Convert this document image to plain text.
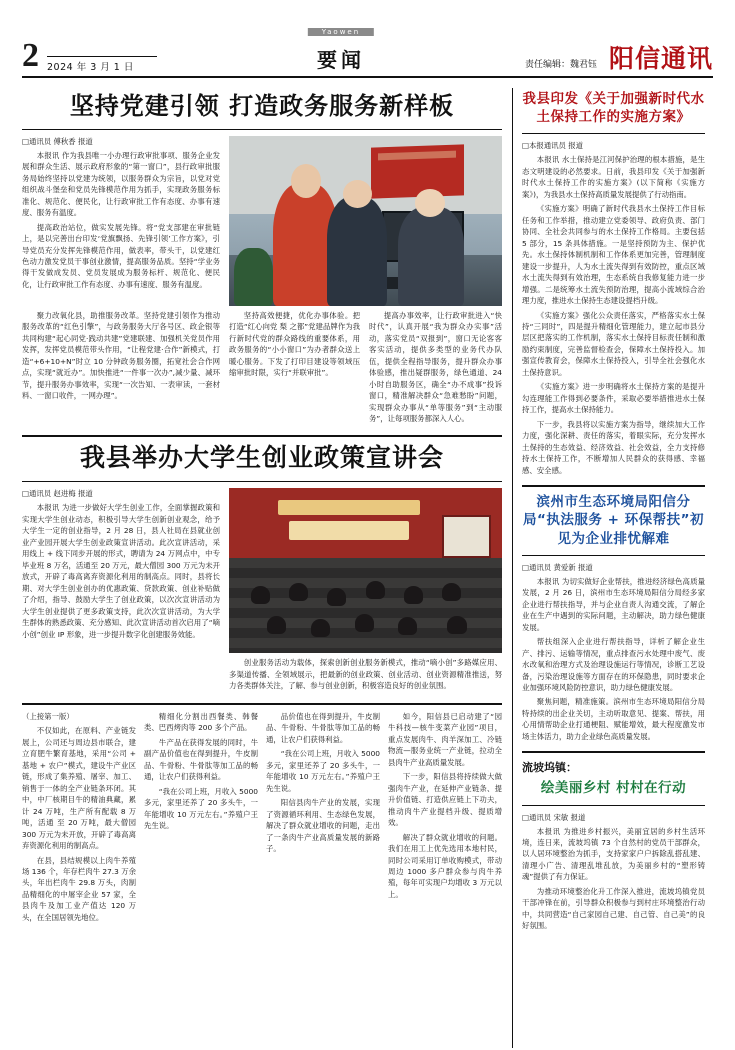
2 2024 年 3 月 1 日
Yaowen
要闻	责任编辑：魏君钰 阳信通讯
坚持党建引领 打造政务服务新样板

□通讯员 傅秋香 报道

本报讯 作为我县唯一小办理行政审批事项、服务企业发展和群众生活、展示政府形象的“第一窗口”，县行政审批服务局始终坚持以党建为统领，以服务群众为宗旨，以党对党组织战斗堡垒和党员先锋模范作用为抓手，实现政务服务标准化、规范化、便民化，让行政审批工作有态度、办事有速度、服务有温度。

提高政治站位，做实发展先锋。将“党支部建在审批链上，是以完善出台印发‘党旗飘扬、先锋引领’工作方案》，引导党员充分发挥先锋模范作用，做表率，带头干，以党建红色动力激发党员干事创业激情，提高服务品质。坚持“学业务得干发做成发员、党员发展成为服务标杆、规范化、便民化，让行政审批工作有态度、办事有速度、服务有温度。

聚力改氧化县，助推服务改革。坚持党建引领作为推动服务改革的“红色引擎”，与政务服务大厅各号区、政企银等共同构建“起心同党·践动共建”党建联建、加强机关党员作用发挥，发挥党员模范带头作用，“让程党建·合作”新模式，打造“+6+10+N”时立 10 分钟政务服务圈，拓宽社会合作网点，实现“就近办”。加快推进“一件事一次办”,减少量、减环节，提升服务办事效率，实现“一次告知、一表审读，一套材料、一窗口收件，一网办理”。

坚持高效便捷，优化办事体验。把打造“红心向党 梨 之都”党建品牌作为我行新时代党的群众路线的重要体系，用政务服务的“小小窗口”为办者群众送上暖心服务。下发了打印目建设等领域压缩审批时限，实行“并联审批”。

提高办事效率，让行政审批进入“快时代”，认真开展“我为群众办实事”活动，落实党员“双报到”，窗口无论客客客实活动，提供多类型的业务代办队伍，提供全程指导服务，提升群众办事体验感，推出疑群服务，绿色通道、24 小时自助服务区，确全“办不成事”投诉窗口，精准解决群众“急难愁盼”问题，实现群众办事从“单等服务”到“主动服务”，让每项服务都深入人心。

我县举办大学生创业政策宣讲会

□通讯员 赵进梅 报道

本报讯 为进一步做好大学生创业工作，全面掌握政策和实现大学生创业动态，积极引导大学生创新创业观念，给予大学生一定的创业指导，2 月 28 日，县人社局在县就业创业产业园开展大学生创业政策宣讲活动。此次宣讲活动，采用线上 + 线下同步开展的形式，聘请为 24 万网点中，中专毕业班 8 万名，活通至 20 万元，最大僧园 300 万元为未开放式，开辟了毒高离弃资源化利用的制高点。同时，县将长期、对大学生创业创办的优惠政策、贷款政策、创业补贴做了介绍，指导、鼓励大学生了创业政策，以次次宣讲活动为大学生创业提供了更多政策支持，此次次宣讲活动，为大学生群体的熟悉政策、充分感知、此次宣讲活动首次启用了“嘀小创”创业 IP 形象，进一步提升数字化创建服务效能。

创业服务活动为载体，探索创新创业服务新模式，推动“嘀小创”多路媒应用、多渠道传播、全领域展示，把最新的创业政策、创业活动、创业资源精准推送，努力各类群体关注，了解、参与创业创新，积极容造良好的创业氛围。

（上接第一版）

不仅如此，在原料、产业链发展上，公司还与周边县市联合，建立育肥牛繁育基地，采用“公司 + 基地 + 农户”模式，建设牛产业区链，形成了集养殖、屠宰、加工、销售于一体的全产业链条环闭。其中，中厂核期目牛的精油典藏，累计 24 万吨，生产所有配载 8 万吨，活通 至 20 万吨，最大僧园 300 万元为未开放，开辟了毒高离弃资源化利用的制高点。

在县，县结规模以上肉牛养殖场 136 个，年存栏肉牛 27.3 万余头，年出栏肉牛 29.8 万头，肉制品精细化的中屠宰企业 57 家，全县肉牛及加工业产值达 120 万头，在全国居领先地位。

精细化分割出西餐类、韩餐类、巴西烤肉等 200 多个产品。

牛产品在获得发展的同时，牛副产品价值也在得到提升，牛皮制品、牛骨粉、牛骨肽等加工品的畅通，让农户们获得利益。

“我在公司上班，月收入 5000 多元，家里还养了 20 多头牛，一年能增收 10 万元左右。”养殖户王先生说。

品价值也在得到提升，牛皮制品、牛骨粉、牛骨肽等加工品的畅通，让农户们获得利益。

“我在公司上班，月收入 5000 多元，家里还养了 20 多头牛，一年能增收 10 万元左右。”养殖户王先生说。

阳信县肉牛产业的发展，实现了资源循环利用、生态绿色发展，解决了群众就业增收的问题，走出了一条肉牛产业高质量发展的新路子。

如今，阳信县已启动建了“园牛科技—核牛变菜产业园”项目，重点发展肉牛、肉羊深加工、冷链物流—服务业统一产业链，拉动全县肉牛产业高质量发展。

下一步，阳信县将持续做大做强肉牛产业，在延伸产业链条、提升价值链、打造供应链上下功夫，推动肉牛产业提档升级、提质增效。

解决了群众就业增收的问题。我们在用工上优先选用本地村民，同时公司采用订单收购模式，带动周边 1000 多户群众参与肉牛养殖，每年可实现户均增收 3 万元以上。

我县印发《关于加强新时代水土保持工作的实施方案》

□本报通讯员 报道

本报讯 水土保持是江河保护治理的根本措施，是生态文明建设的必然要求。日前，我县印发《关于加强新时代水土保持工作的实施方案》(以下简称《实施方案》)，为我县水土保持高质量发展提供了行动指南。

《实施方案》明确了新时代我县水土保持工作目标任务和工作举措，推动建立党委领导、政府负责、部门协同、全社会共同参与的水土保持工作格局。主要包括 5 部分，15 条具体措施。一是坚持预防为主、保护优先。水土保持体制机制和工作体系更加完善，管理制度建设一步提升，人为水土流失得到有效防控，重点区域水土流失得到有效治理，生态系统自我修复能力进一步增强。二是统筹水土流失预防治理，提高小流域综合治理力度，推进水土保持生态建设提档升级。

《实施方案》强化公众责任落实，严格落实水土保持“三同时”，四是提升精细化管理能力，建立起市县分层区把落实的工作机制，落实水土保持目标责任制和激励约束制度，完善监督检查会，保障水土保持投入。加强宣传教育会，保障水土保持投入，引导全社会强化水土保持意识。

《实施方案》进一步明确将水土保持方案的是提升勾连理能工作得到必要条件，采取必要举措推进水土保持工作，提高水土保持能力。

下一步，我县将以实施方案为指导，继续加大工作力度，强化深耕、责任的落实，着眼实际，充分发挥水土保持的生态效益、经济效益、社会效益，全力支持修持水土保持工作，不断增加人民群众的获得感、幸福感、安全感。

滨州市生态环境局阳信分局“执法服务 + 环保帮扶”初见为企业排忧解难

□通讯员 黄爱新 报道

本报讯 为切实做好企业帮扶，推进经济绿色高质量发展，2 月 26 日，滨州市生态环境局阳信分局经多家企业进行帮扶指导，并与企业自责人沟通交流，了解企业在生产中遇到的实际问题，主动解决，助力绿色健康发展。

帮扶组深入企业进行帮扶指导，详析了解企业生产、排污、运输等情况，重点排查污水处理中废气、废水改氧和治理方式及治理设施运行等情况，诊断工艺设备，污染治理设施等方面存在的环保隐患，同时要求企业加强环境风险防控意识，助力绿色健康发展。

聚焦问题，精准施策。滨州市生态环境局阳信分局特持续的出企业关切，主动听取意见、提案、帮扶，用心用情帮助企业打通梗阻、赋能增效，最大程度激发市场主体活力，助力企业绿色高质量发展。

流坡坞镇：
绘美丽乡村 村村在行动

□通讯员 宋敏 报道

本报讯 为推进乡村振兴，美丽宜居的乡村生活环境，连日来，流坡坞镇 73 个自然村的党员干部群众，以人居环境整治为抓手，支持家家户户拆除乱搭乱建、清理小广告、清理乱堆乱放，为美丽乡村的“塑形铸魂”提供了有力保证。

为推动环境整治化升工作深入推进，流坡坞镇党员干部冲锋在前，引导群众积极参与到村庄环境整治行动中，共同营造“自己家园自己建、自己管、自己美”的良好氛围。
